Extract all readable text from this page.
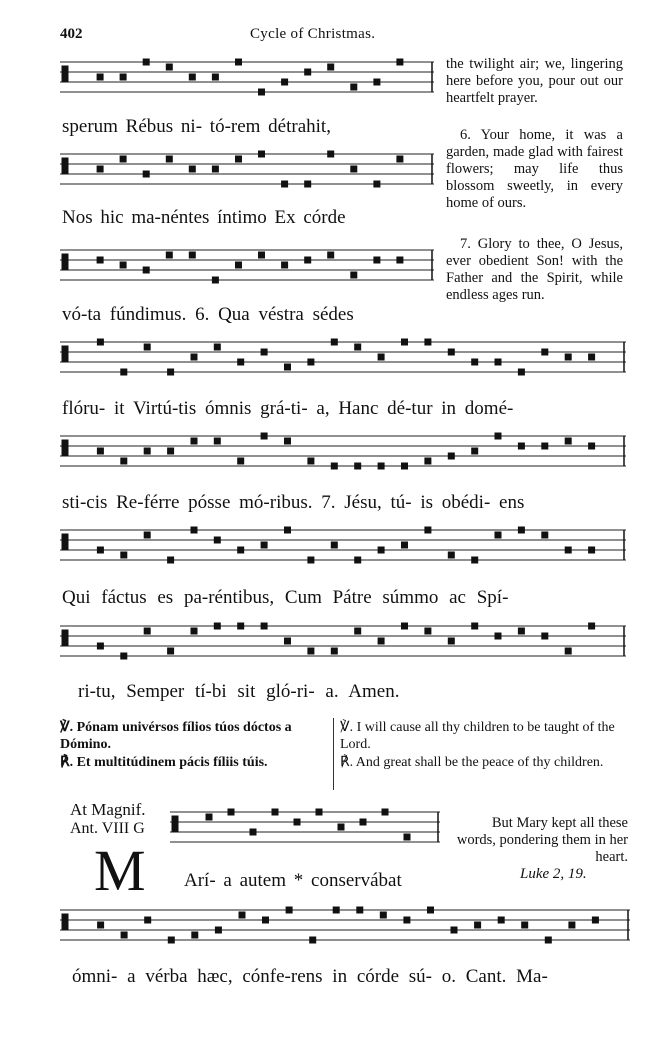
402	Cycle of Christmas.
the twilight air; we, lingering here before you, pour out our heartfelt prayer.
6. Your home, it was a garden, made glad with fairest flowers; may life thus blossom sweetly, in every home of ours.
7. Glory to thee, O Jesus, ever obedient Son! with the Father and the Spirit, while endless ages run.
sperum Rébus ni- tó-rem détrahit,
Nos hic ma-néntes íntimo Ex córde
vó-ta fúndimus. 6. Qua véstra sédes
flóru- it Virtú-tis ómnis grá-ti- a, Hanc dé-tur in domé-
sti-cis Re-férre pósse mó-ribus. 7. Jésu, tú- is obédi- ens
Qui fáctus es pa-réntibus, Cum Pátre súmmo ac Spí-
ri-tu, Semper tí-bi sit gló-ri- a. Amen.
℣. Pónam univérsos fílios túos dóctos a Dómino.
℟. Et multitúdinem pácis fíliis túis.
℣. I will cause all thy children to be taught of the Lord.
℟. And great shall be the peace of thy children.
At Magnif.
Ant. VIII G
M Arí- a autem * conservábat
But Mary kept all these words, pondering them in her heart.
Luke 2, 19.
ómni- a vérba hæc, cónfe-rens in córde sú- o. Cant. Ma-
